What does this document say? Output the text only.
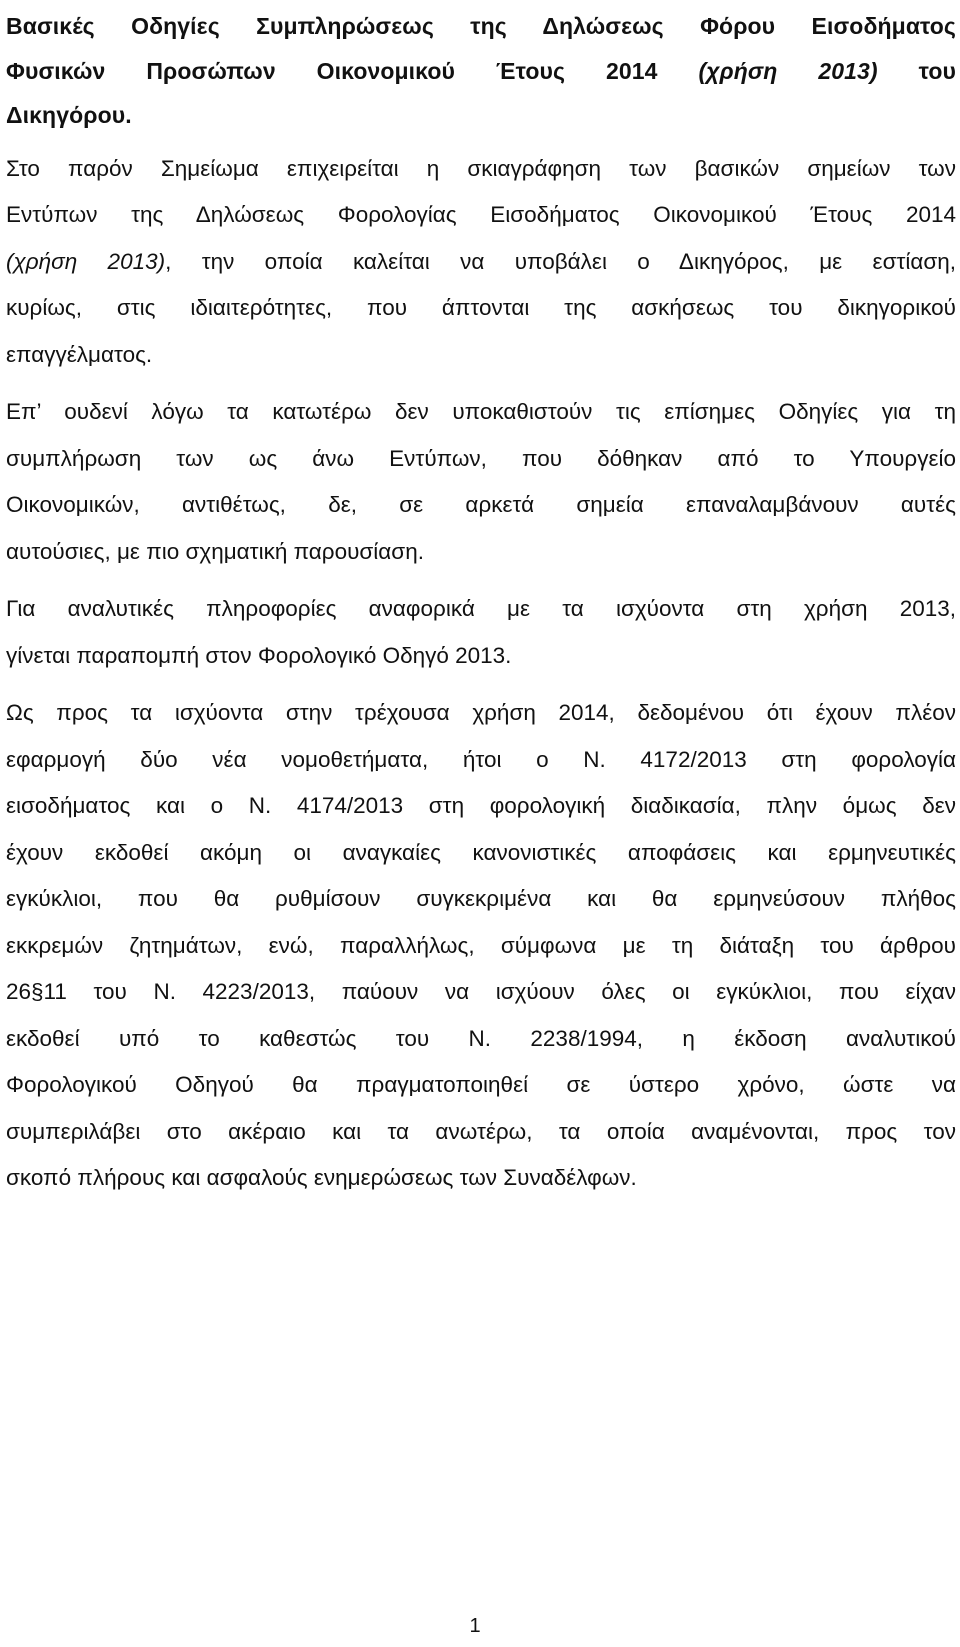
Βασικές Οδηγίες Συμπληρώσεως της Δηλώσεως Φόρου Εισοδήματος
Φυσικών Προσώπων Οικονομικού Έτους 2014 (χρήση 2013) του
Δικηγόρου.

Στο παρόν Σημείωμα επιχειρείται η σκιαγράφηση των βασικών σημείων των
Εντύπων της Δηλώσεως Φορολογίας Εισοδήματος Οικονομικού Έτους 2014
(χρήση 2013), την οποία καλείται να υποβάλει ο Δικηγόρος, με εστίαση,
κυρίως, στις ιδιαιτερότητες, που άπτονται της ασκήσεως του δικηγορικού
επαγγέλματος.

Επ’ ουδενί λόγω τα κατωτέρω δεν υποκαθιστούν τις επίσημες Οδηγίες για τη
συμπλήρωση των ως άνω Εντύπων, που δόθηκαν από το Υπουργείο
Οικονομικών, αντιθέτως, δε, σε αρκετά σημεία επαναλαμβάνουν αυτές
αυτούσιες, με πιο σχηματική παρουσίαση.

Για αναλυτικές πληροφορίες αναφορικά με τα ισχύοντα στη χρήση 2013,
γίνεται παραπομπή στον Φορολογικό Οδηγό 2013.

Ως προς τα ισχύοντα στην τρέχουσα χρήση 2014, δεδομένου ότι έχουν πλέον
εφαρμογή δύο νέα νομοθετήματα, ήτοι ο Ν. 4172/2013 στη φορολογία
εισοδήματος και ο Ν. 4174/2013 στη φορολογική διαδικασία, πλην όμως δεν
έχουν εκδοθεί ακόμη οι αναγκαίες κανονιστικές αποφάσεις και ερμηνευτικές
εγκύκλιοι, που θα ρυθμίσουν συγκεκριμένα και θα ερμηνεύσουν πλήθος
εκκρεμών ζητημάτων, ενώ, παραλλήλως, σύμφωνα με τη διάταξη του άρθρου
26§11 του Ν. 4223/2013, παύουν να ισχύουν όλες οι εγκύκλιοι, που είχαν
εκδοθεί υπό το καθεστώς του Ν. 2238/1994, η έκδοση αναλυτικού
Φορολογικού Οδηγού θα πραγματοποιηθεί σε ύστερο χρόνο, ώστε να
συμπεριλάβει στο ακέραιο και τα ανωτέρω, τα οποία αναμένονται, προς τον
σκοπό πλήρους και ασφαλούς ενημερώσεως των Συναδέλφων.

1
